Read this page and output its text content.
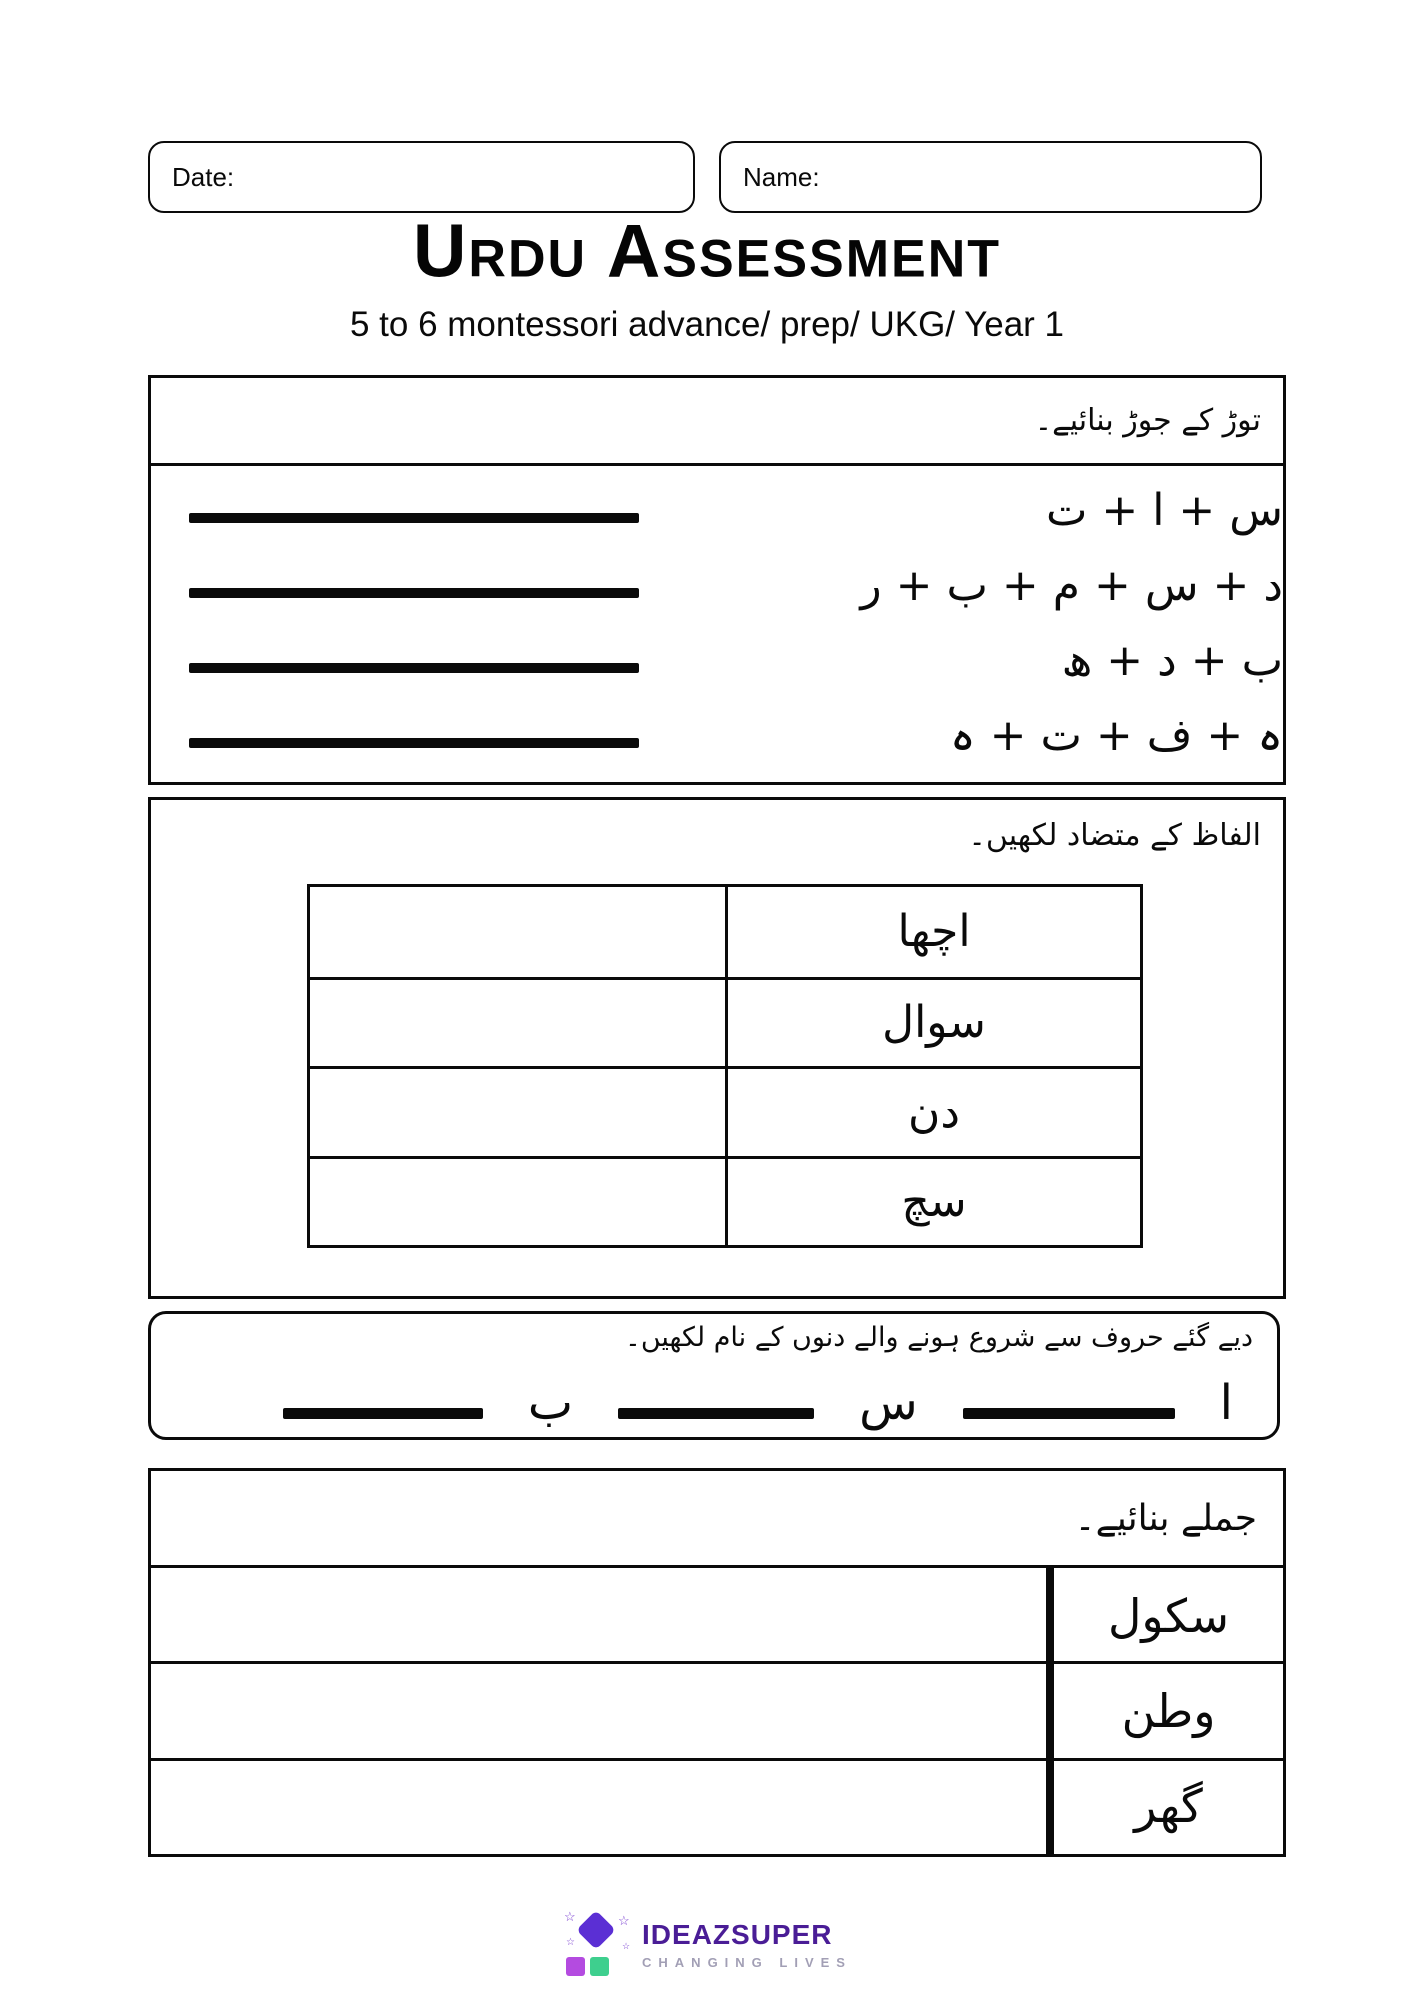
Date:	Name:
Urdu Assessment
5 to 6 montessori advance/ prep/ UKG/ Year 1
توڑ کے جوڑ بنائیے۔
س + ا + ت
د + س + م + ب + ر
ب + د + ھ
ہ + ف + ت + ہ
الفاظ کے متضاد لکھیں۔
اچھا
سوال
دن
سچ
دیے گئے حروف سے شروع ہونے والے دنوں کے نام لکھیں۔
ا
س
ب
جملے بنائیے۔
سکول
وطن
گھر
☆	☆
☆	☆ IDEAZSUPER
CHANGING LIVES
